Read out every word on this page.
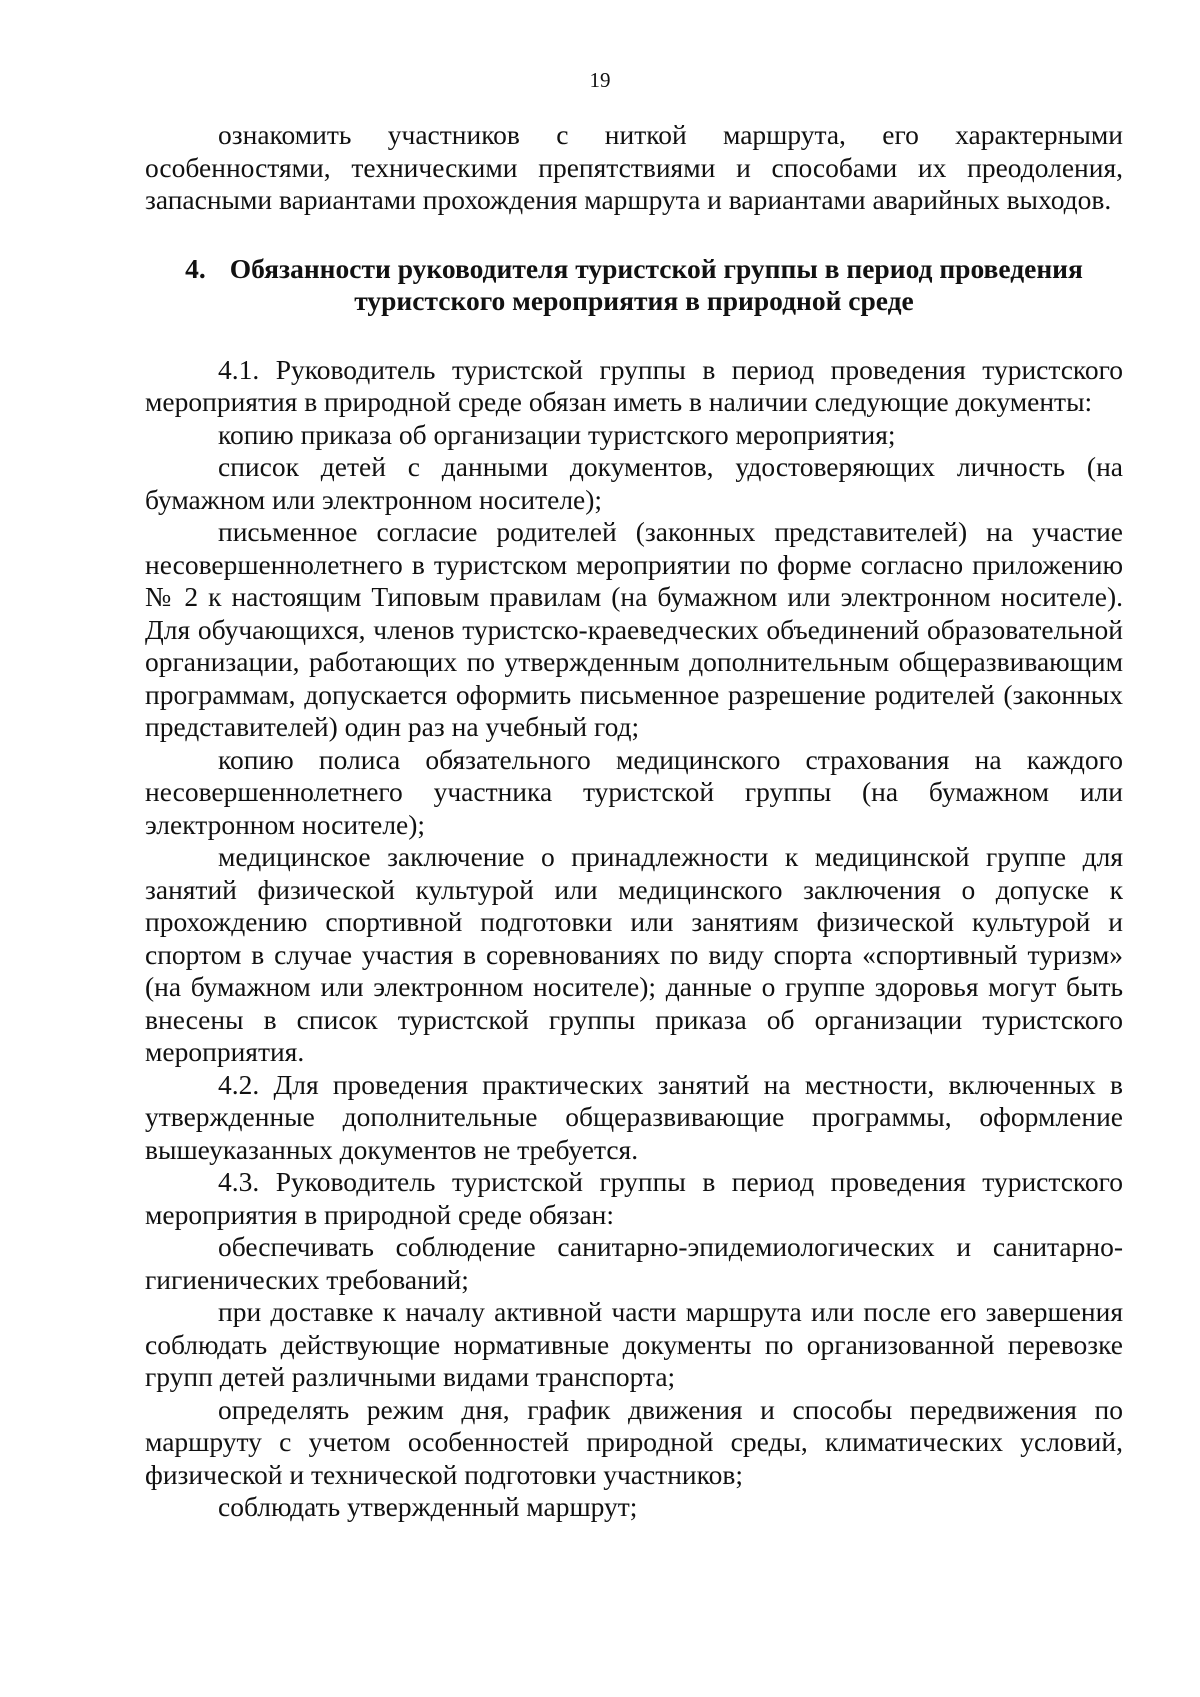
19

ознакомить участников с ниткой маршрута, его характерными особенностями, техническими препятствиями и способами их преодоления, запасными вариантами прохождения маршрута и вариантами аварийных выходов.

4. Обязанности руководителя туристской группы в период проведения
туристского мероприятия в природной среде

4.1. Руководитель туристской группы в период проведения туристского мероприятия в природной среде обязан иметь в наличии следующие документы:

копию приказа об организации туристского мероприятия;

список детей с данными документов, удостоверяющих личность (на бумажном или электронном носителе);

письменное согласие родителей (законных представителей) на участие несовершеннолетнего в туристском мероприятии по форме согласно приложению № 2 к настоящим Типовым правилам (на бумажном или электронном носителе). Для обучающихся, членов туристско-краеведческих объединений образовательной организации, работающих по утвержденным дополнительным общеразвивающим программам, допускается оформить письменное разрешение родителей (законных представителей) один раз на учебный год;

копию полиса обязательного медицинского страхования на каждого несовершеннолетнего участника туристской группы (на бумажном или электронном носителе);

медицинское заключение о принадлежности к медицинской группе для занятий физической культурой или медицинского заключения о допуске к прохождению спортивной подготовки или занятиям физической культурой и спортом в случае участия в соревнованиях по виду спорта «спортивный туризм» (на бумажном или электронном носителе); данные о группе здоровья могут быть внесены в список туристской группы приказа об организации туристского мероприятия.

4.2. Для проведения практических занятий на местности, включенных в утвержденные дополнительные общеразвивающие программы, оформление вышеуказанных документов не требуется.

4.3. Руководитель туристской группы в период проведения туристского мероприятия в природной среде обязан:

обеспечивать соблюдение санитарно-эпидемиологических и санитарно-гигиенических требований;

при доставке к началу активной части маршрута или после его завершения соблюдать действующие нормативные документы по организованной перевозке групп детей различными видами транспорта;

определять режим дня, график движения и способы передвижения по маршруту с учетом особенностей природной среды, климатических условий, физической и технической подготовки участников;

соблюдать утвержденный маршрут;
